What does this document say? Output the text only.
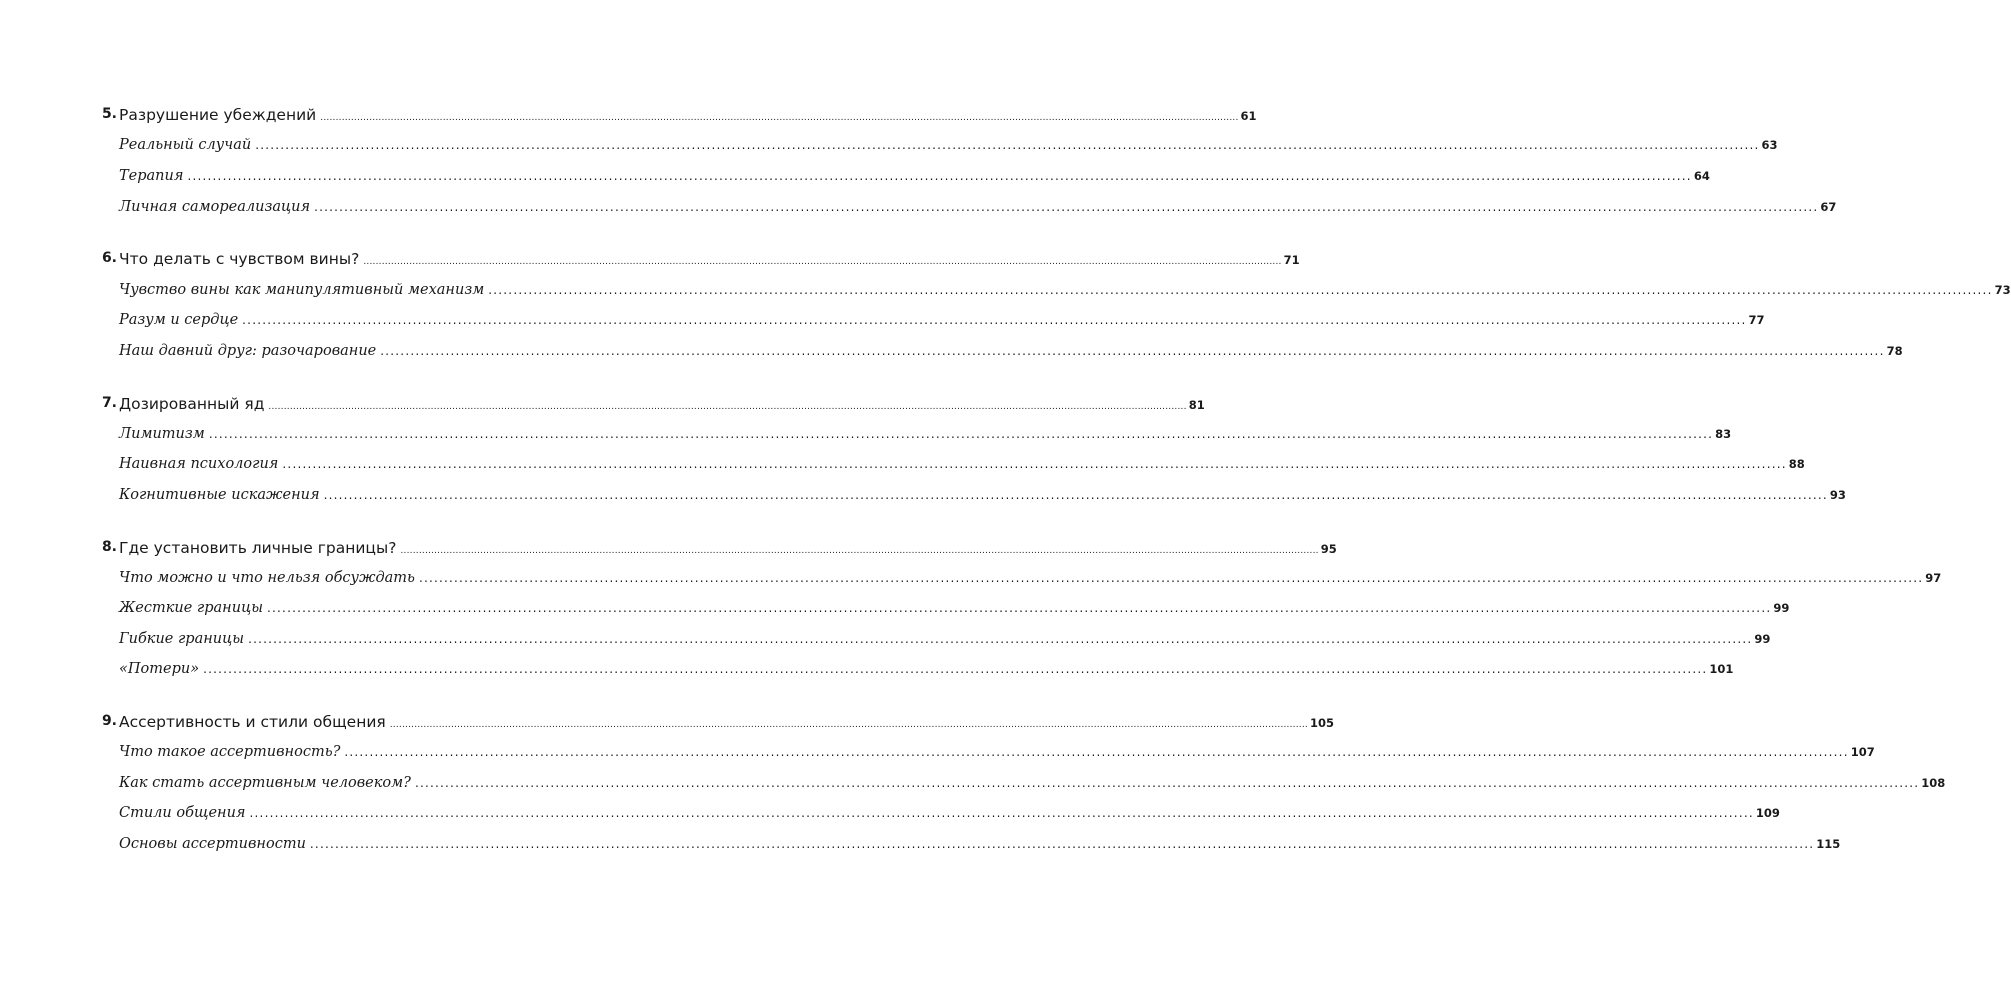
5. Разрушение убеждений ............................................................................................................................................................................................................................................................................................................ 61
Реальный случай ............................................................................................................................................................................................................................................................................................................ 63
Терапия ............................................................................................................................................................................................................................................................................................................ 64
Личная самореализация ............................................................................................................................................................................................................................................................................................................ 67
6. Что делать с чувством вины? ............................................................................................................................................................................................................................................................................................................ 71
Чувство вины как манипулятивный механизм ............................................................................................................................................................................................................................................................................................................ 73
Разум и сердце ............................................................................................................................................................................................................................................................................................................ 77
Наш давний друг: разочарование ............................................................................................................................................................................................................................................................................................................ 78
7. Дозированный яд ............................................................................................................................................................................................................................................................................................................ 81
Лимитизм ............................................................................................................................................................................................................................................................................................................ 83
Наивная психология ............................................................................................................................................................................................................................................................................................................ 88
Когнитивные искажения ............................................................................................................................................................................................................................................................................................................ 93
8. Где установить личные границы? ............................................................................................................................................................................................................................................................................................................ 95
Что можно и что нельзя обсуждать ............................................................................................................................................................................................................................................................................................................ 97
Жесткие границы ............................................................................................................................................................................................................................................................................................................ 99
Гибкие границы ............................................................................................................................................................................................................................................................................................................ 99
«Потери» ............................................................................................................................................................................................................................................................................................................ 101
9. Ассертивность и стили общения ............................................................................................................................................................................................................................................................................................................ 105
Что такое ассертивность? ............................................................................................................................................................................................................................................................................................................ 107
Как стать ассертивным человеком? ............................................................................................................................................................................................................................................................................................................ 108
Стили общения ............................................................................................................................................................................................................................................................................................................ 109
Основы ассертивности ............................................................................................................................................................................................................................................................................................................ 115
